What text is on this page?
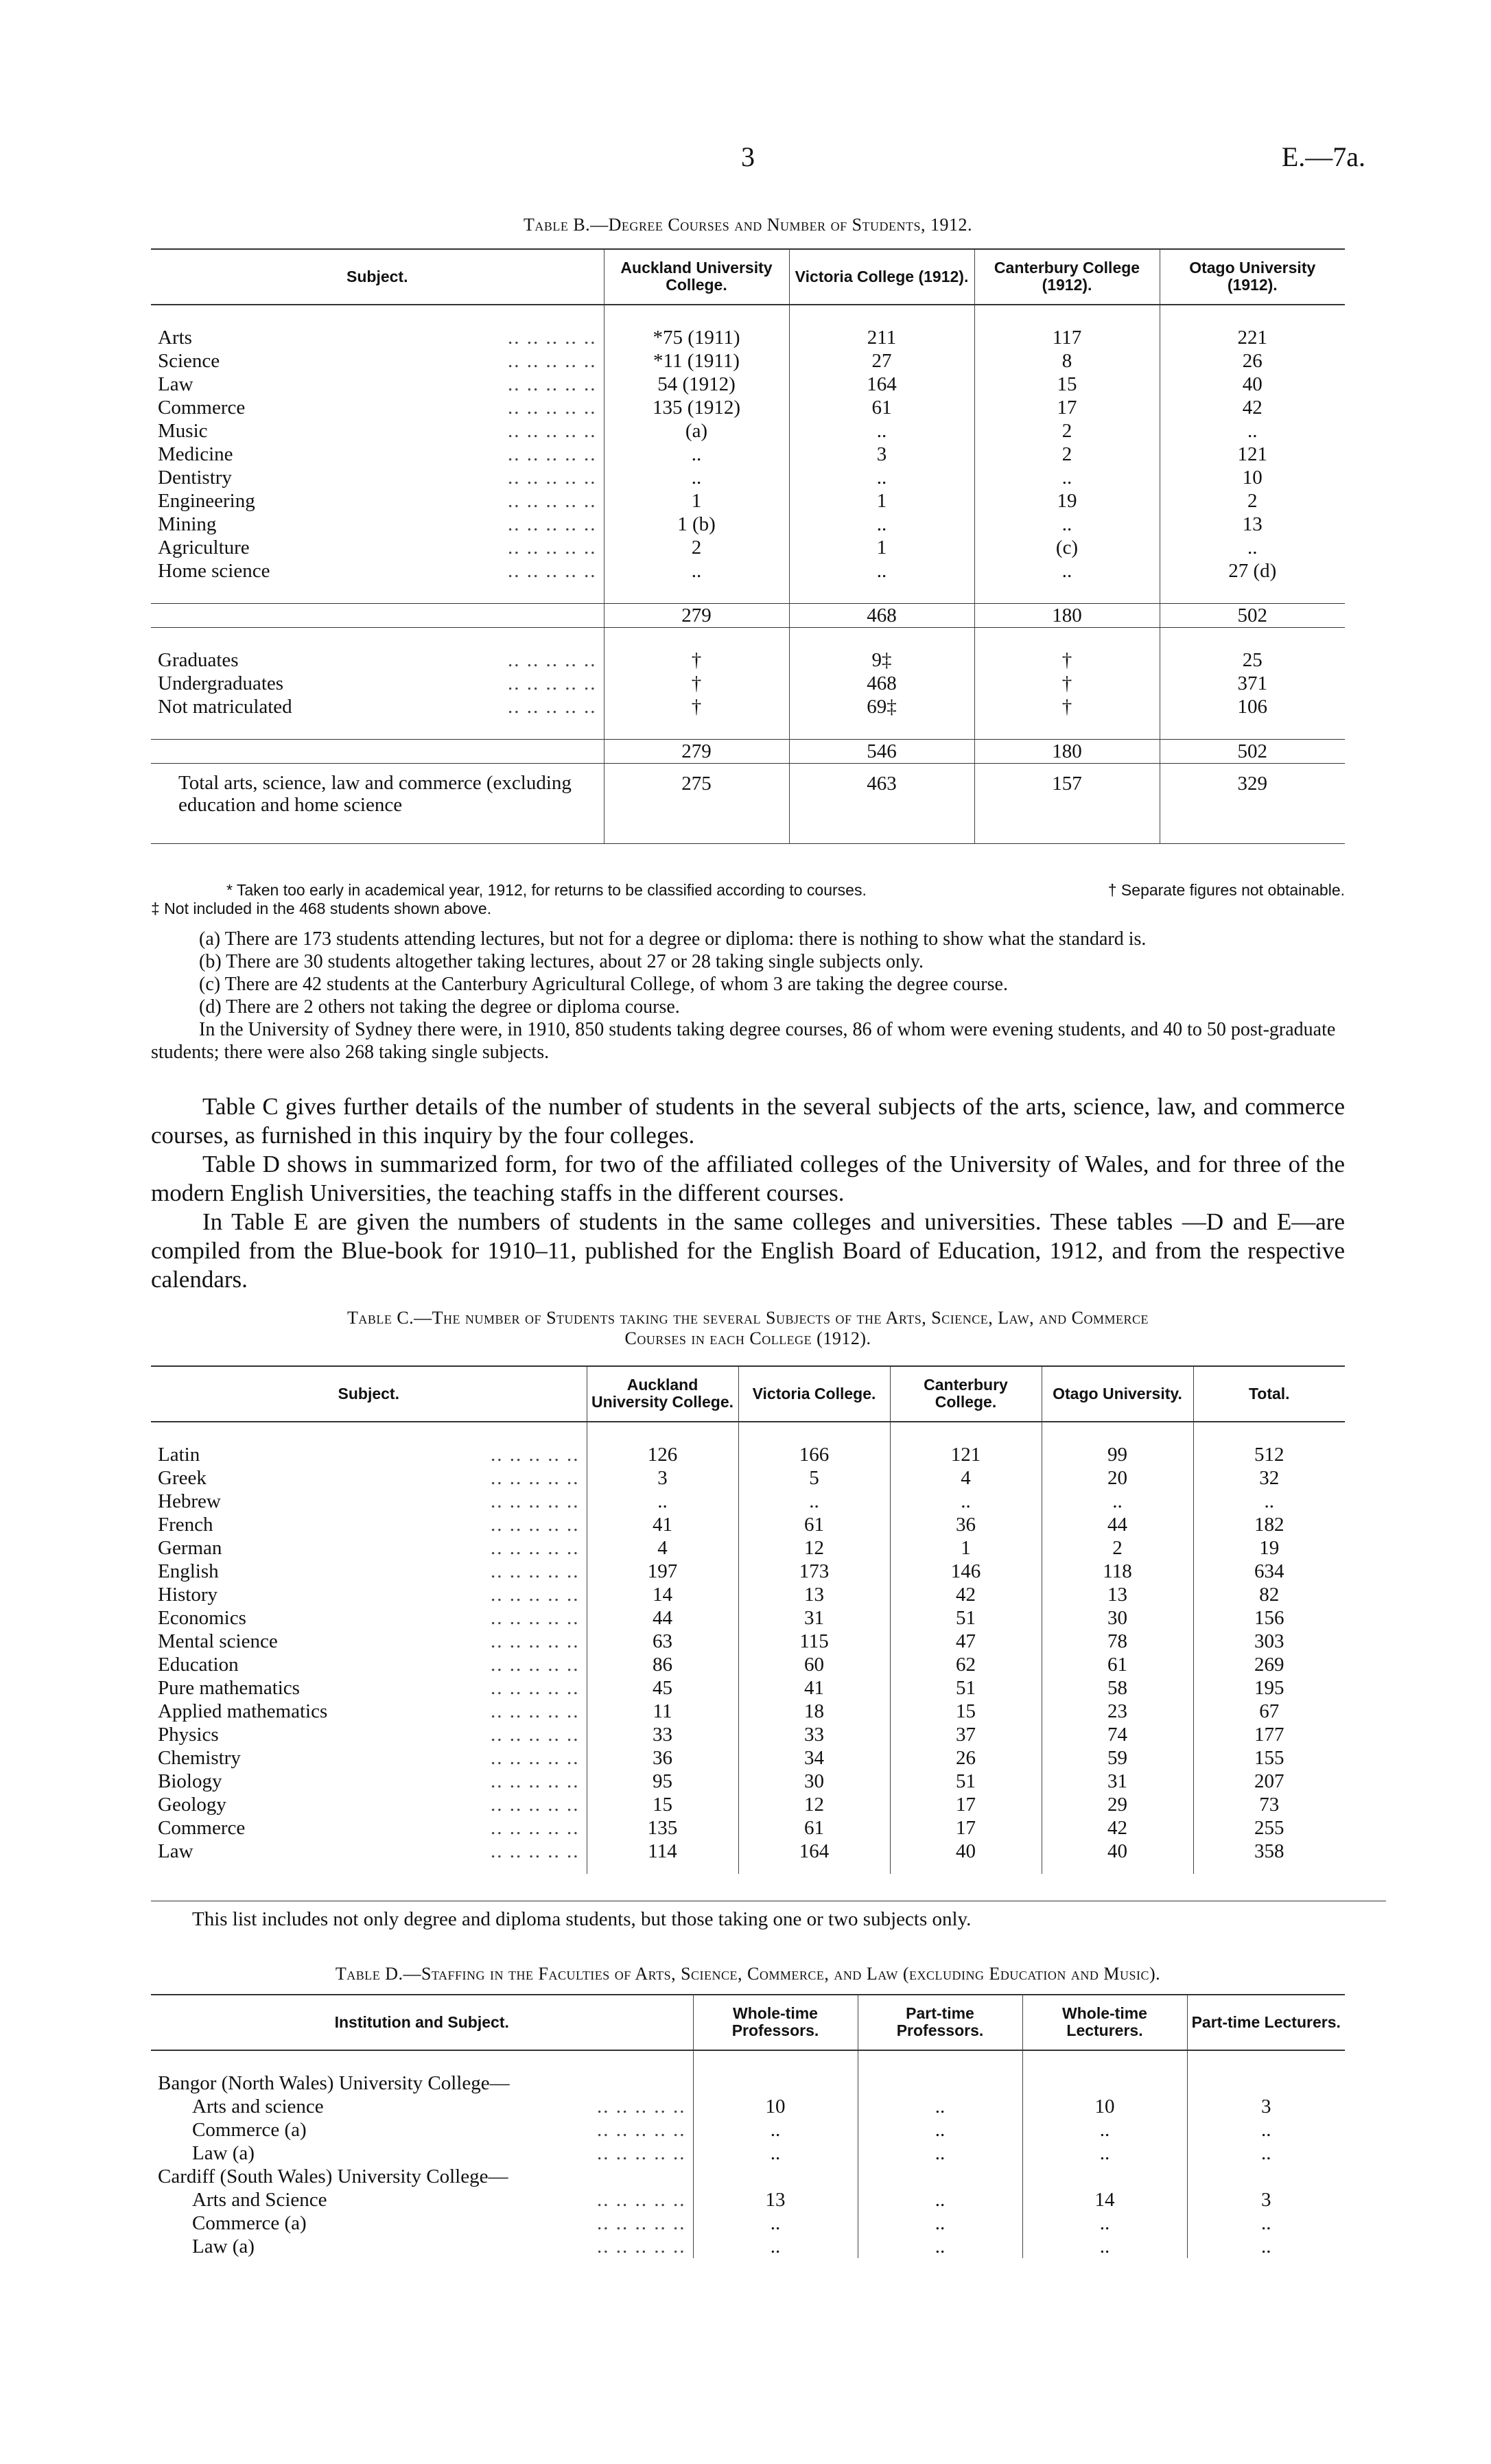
3	E.—7a.
Table B.—Degree Courses and Number of Students, 1912.
Subject.	Auckland University College.	Victoria College (1912).	Canterbury College (1912).	Otago University (1912).

Arts .. .. .. .. ..	*75 (1911)	211	117	221
Science .. .. .. .. ..	*11 (1911)	27	8	26
Law .. .. .. .. ..	54 (1912)	164	15	40
Commerce .. .. .. .. ..	135 (1912)	61	17	42
Music .. .. .. .. ..	(a)	..	2	..
Medicine .. .. .. .. ..	..	3	2	121
Dentistry .. .. .. .. ..	..	..	..	10
Engineering .. .. .. .. ..	1	1	19	2
Mining .. .. .. .. ..	1 (b)	..	..	13
Agriculture .. .. .. .. ..	2	1	(c)	..
Home science .. .. .. .. ..	..	..	..	27 (d)

	279	468	180	502

Graduates .. .. .. .. ..	†	9‡	†	25
Undergraduates .. .. .. .. ..	†	468	†	371
Not matriculated .. .. .. .. ..	†	69‡	†	106

	279	546	180	502
Total arts, science, law and commerce (excluding education and home science	275	463	157	329

* Taken too early in academical year, 1912, for returns to be classified according to courses.	† Separate figures not obtainable.
‡ Not included in the 468 students shown above.

(a) There are 173 students attending lectures, but not for a degree or diploma: there is nothing to show what the standard is.

(b) There are 30 students altogether taking lectures, about 27 or 28 taking single subjects only.

(c) There are 42 students at the Canterbury Agricultural College, of whom 3 are taking the degree course.

(d) There are 2 others not taking the degree or diploma course.

In the University of Sydney there were, in 1910, 850 students taking degree courses, 86 of whom were evening students, and 40 to 50 post-graduate students; there were also 268 taking single subjects.

Table C gives further details of the number of students in the several subjects of the arts, science, law, and commerce courses, as furnished in this inquiry by the four colleges.

Table D shows in summarized form, for two of the affiliated colleges of the University of Wales, and for three of the modern English Universities, the teaching staffs in the different courses.

In Table E are given the numbers of students in the same colleges and universities. These tables —D and E—are compiled from the Blue-book for 1910–11, published for the English Board of Education, 1912, and from the respective calendars.

Table C.—The number of Students taking the several Subjects of the Arts, Science, Law, and Commerce
Courses in each College (1912).
Subject.	Auckland University College.	Victoria College.	Canterbury College.	Otago University.	Total.

Latin .. .. .. .. ..	126	166	121	99	512
Greek .. .. .. .. ..	3	5	4	20	32
Hebrew .. .. .. .. ..	..	..	..	..	..
French .. .. .. .. ..	41	61	36	44	182
German .. .. .. .. ..	4	12	1	2	19
English .. .. .. .. ..	197	173	146	118	634
History .. .. .. .. ..	14	13	42	13	82
Economics .. .. .. .. ..	44	31	51	30	156
Mental science .. .. .. .. ..	63	115	47	78	303
Education .. .. .. .. ..	86	60	62	61	269
Pure mathematics .. .. .. .. ..	45	41	51	58	195
Applied mathematics .. .. .. .. ..	11	18	15	23	67
Physics .. .. .. .. ..	33	33	37	74	177
Chemistry .. .. .. .. ..	36	34	26	59	155
Biology .. .. .. .. ..	95	30	51	31	207
Geology .. .. .. .. ..	15	12	17	29	73
Commerce .. .. .. .. ..	135	61	17	42	255
Law .. .. .. .. ..	114	164	40	40	358

This list includes not only degree and diploma students, but those taking one or two subjects only.
Table D.—Staffing in the Faculties of Arts, Science, Commerce, and Law (excluding Education and Music).
Institution and Subject.	Whole-time Professors.	Part-time Professors.	Whole-time Lecturers.	Part-time Lecturers.

Bangor (North Wales) University College—				
Arts and science .. .. .. .. ..	10	..	10	3
Commerce (a) .. .. .. .. ..	..	..	..	..
Law (a) .. .. .. .. ..	..	..	..	..
Cardiff (South Wales) University College—				
Arts and Science .. .. .. .. ..	13	..	14	3
Commerce (a) .. .. .. .. ..	..	..	..	..
Law (a) .. .. .. .. ..	..	..	..	..
